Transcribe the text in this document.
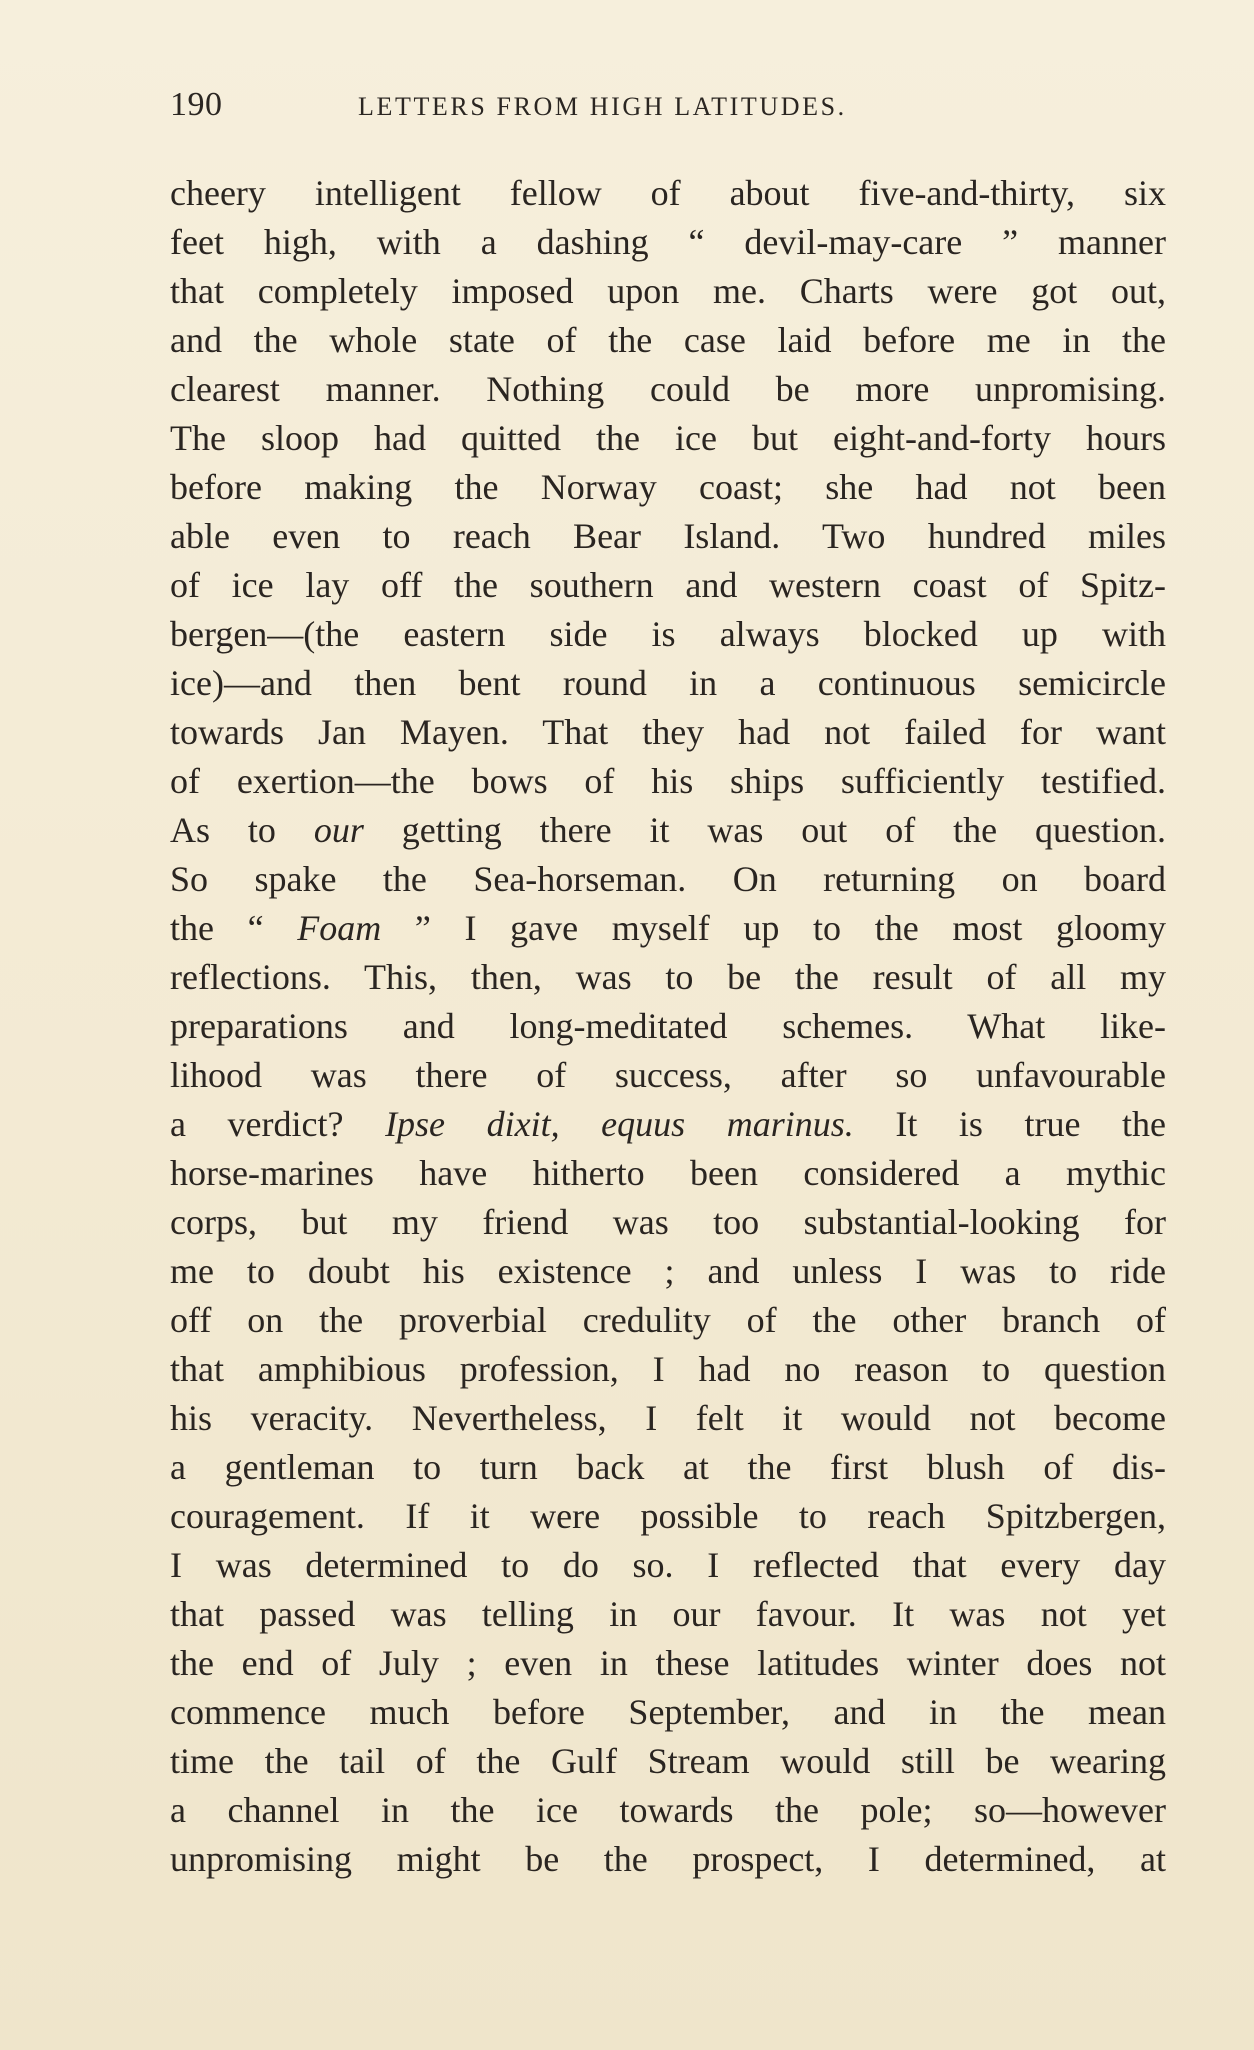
190	LETTERS FROM HIGH LATITUDES.
cheery intelligent fellow of about five-and-thirty, six
feet high, with a dashing “ devil-may-care ” manner
that completely imposed upon me. Charts were got out,
and the whole state of the case laid before me in the
clearest manner. Nothing could be more unpromising.
The sloop had quitted the ice but eight-and-forty hours
before making the Norway coast; she had not been
able even to reach Bear Island. Two hundred miles
of ice lay off the southern and western coast of Spitz-
bergen—(the eastern side is always blocked up with
ice)—and then bent round in a continuous semicircle
towards Jan Mayen. That they had not failed for want
of exertion—the bows of his ships sufficiently testified.
As to our getting there it was out of the question.
So spake the Sea-horseman. On returning on board
the “ Foam ” I gave myself up to the most gloomy
reflections. This, then, was to be the result of all my
preparations and long-meditated schemes. What like-
lihood was there of success, after so unfavourable
a verdict? Ipse dixit, equus marinus. It is true the
horse-marines have hitherto been considered a mythic
corps, but my friend was too substantial-looking for
me to doubt his existence ; and unless I was to ride
off on the proverbial credulity of the other branch of
that amphibious profession, I had no reason to question
his veracity. Nevertheless, I felt it would not become
a gentleman to turn back at the first blush of dis-
couragement. If it were possible to reach Spitzbergen,
I was determined to do so. I reflected that every day
that passed was telling in our favour. It was not yet
the end of July ; even in these latitudes winter does not
commence much before September, and in the mean
time the tail of the Gulf Stream would still be wearing
a channel in the ice towards the pole; so—however
unpromising might be the prospect, I determined, at
